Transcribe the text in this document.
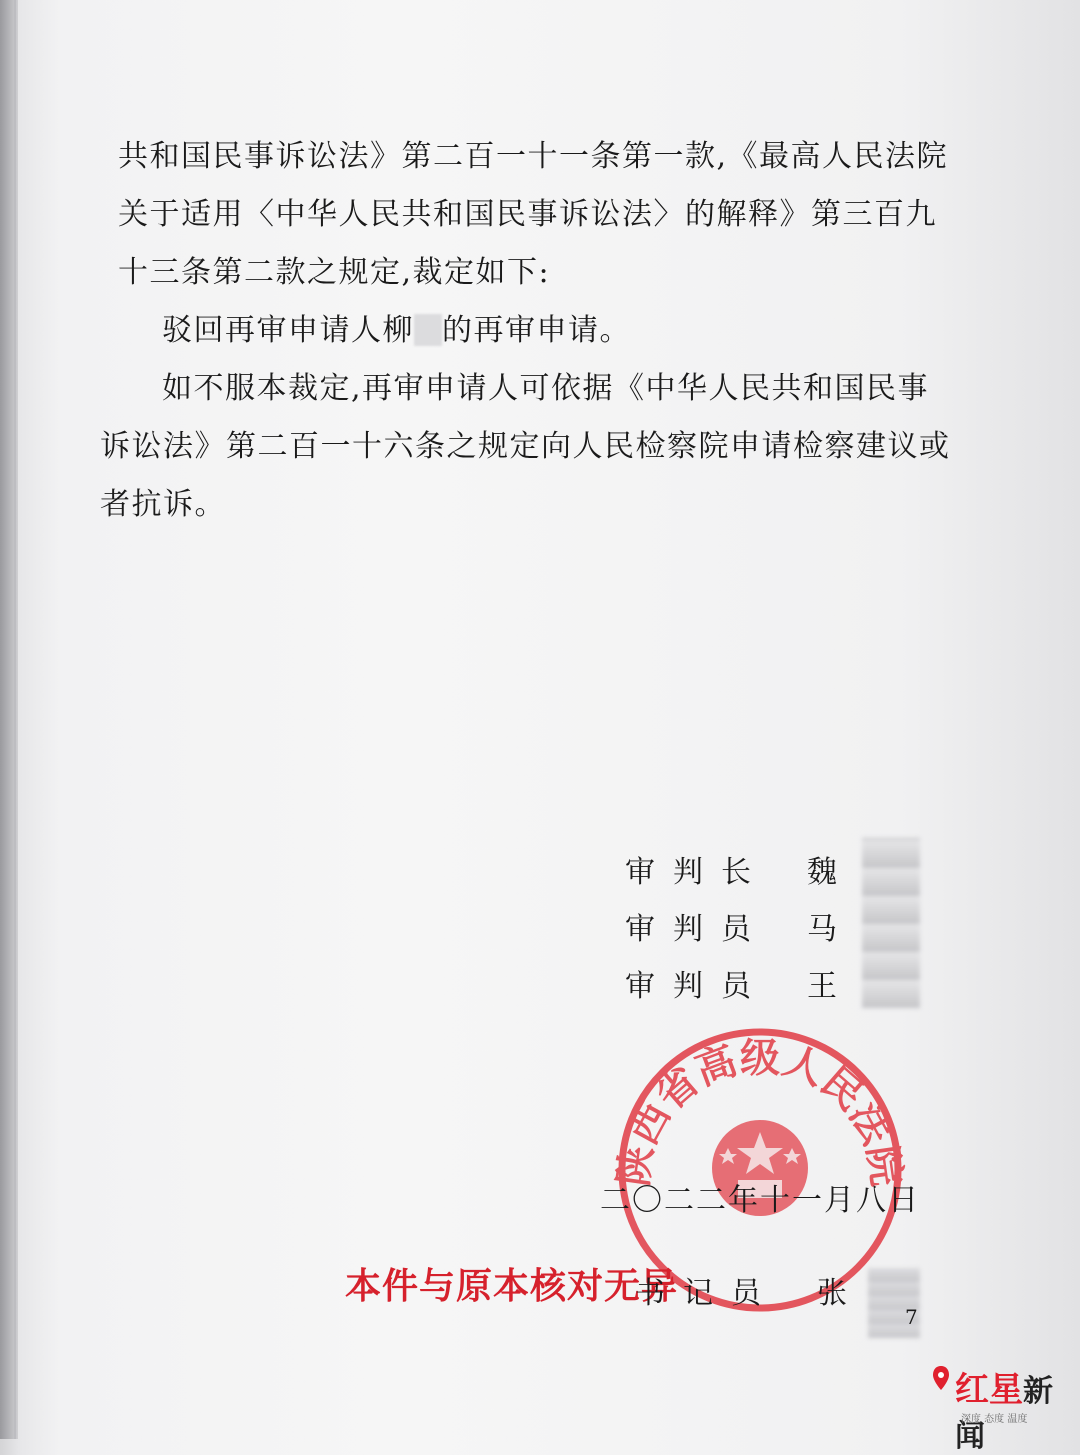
共和国民事诉讼法》第二百一十一条第一款,《最高人民法院关于适用〈中华人民共和国民事诉讼法〉的解释》第三百九十三条第二款之规定,裁定如下:

驳回再审申请人柳 的再审申请。

如不服本裁定,再审申请人可依据《中华人民共和国民事诉讼法》第二百一十六条之规定向人民检察院申请检察建议或者抗诉。

陕西省高级人民法院
审判长	魏
审判员	马
审判员	王
二〇二二年十一月八日
本件与原本核对无异
书记员	张
7
红星新闻
深度 态度 温度
